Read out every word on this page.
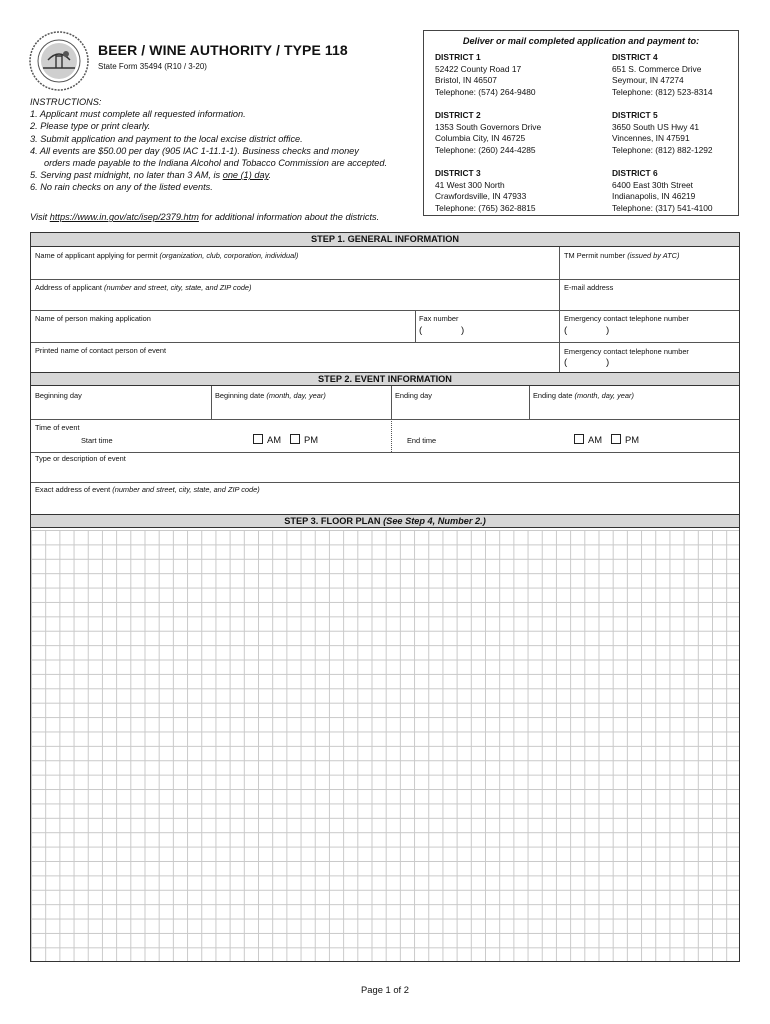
BEER / WINE AUTHORITY / TYPE 118
State Form 35494 (R10 / 3-20)
INSTRUCTIONS:
1. Applicant must complete all requested information.
2. Please type or print clearly.
3. Submit application and payment to the local excise district office.
4. All events are $50.00 per day (905 IAC 1-11.1-1). Business checks and money
orders made payable to the Indiana Alcohol and Tobacco Commission are accepted.
5. Serving past midnight, no later than 3 AM, is one (1) day.
6. No rain checks on any of the listed events.
Visit https://www.in.gov/atc/isep/2379.htm for additional information about the districts.
Deliver or mail completed application and payment to:
DISTRICT 1
52422 County Road 17
Bristol, IN 46507
Telephone: (574) 264-9480
DISTRICT 4
651 S. Commerce Drive
Seymour, IN 47274
Telephone: (812) 523-8314
DISTRICT 2
1353 South Governors Drive
Columbia City, IN 46725
Telephone: (260) 244-4285
DISTRICT 5
3650 South US Hwy 41
Vincennes, IN 47591
Telephone: (812) 882-1292
DISTRICT 3
41 West 300 North
Crawfordsville, IN 47933
Telephone: (765) 362-8815
DISTRICT 6
6400 East 30th Street
Indianapolis, IN 46219
Telephone: (317) 541-4100
STEP 1. GENERAL INFORMATION
Name of applicant applying for permit (organization, club, corporation, individual)	TM Permit number (issued by ATC)
Address of applicant (number and street, city, state, and ZIP code)	E-mail address
Name of person making application	Fax number
(	)
Emergency contact telephone number
(	)
Printed name of contact person of event	Emergency contact telephone number
(	)
STEP 2. EVENT INFORMATION
Beginning day	Beginning date (month, day, year)	Ending day	Ending date (month, day, year)
Time of event
Start time	AM PM	End time	AM PM
Type or description of event
Exact address of event (number and street, city, state, and ZIP code)
STEP 3. FLOOR PLAN (See Step 4, Number 2.)
Page 1 of 2
